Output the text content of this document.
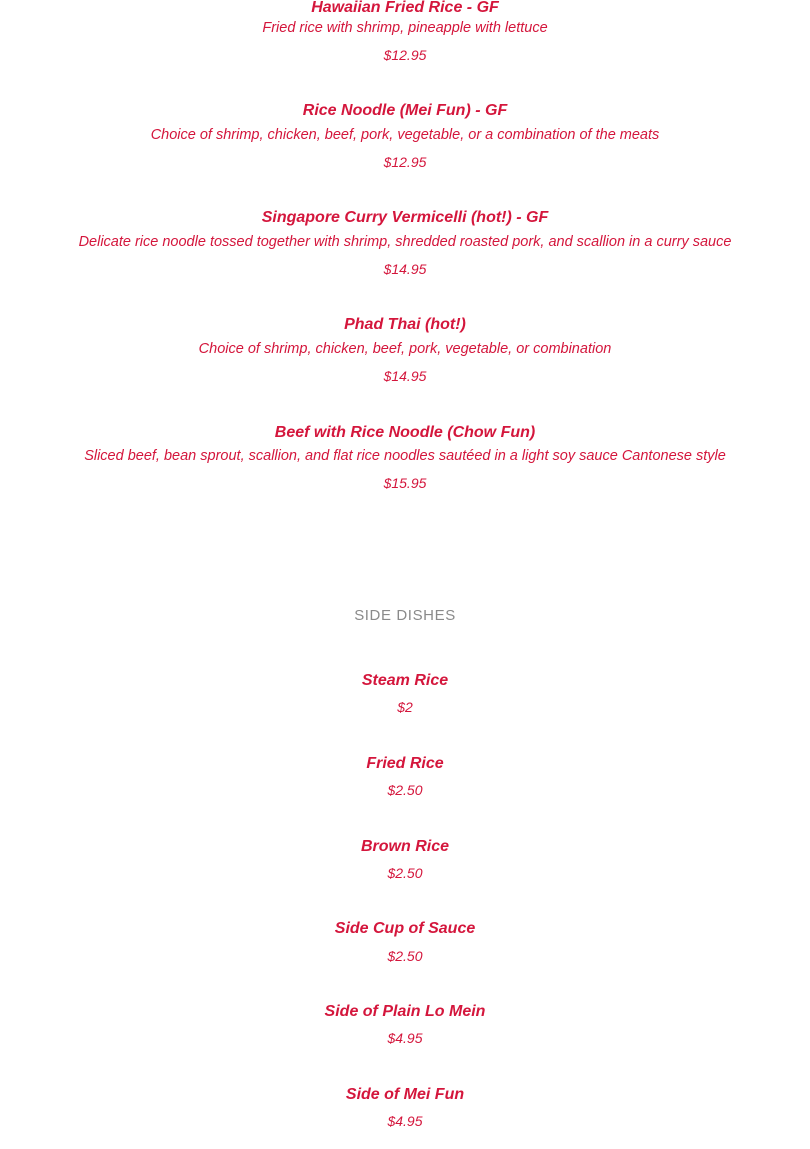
Hawaiian Fried Rice - GF
Fried rice with shrimp, pineapple with lettuce
$12.95
Rice Noodle (Mei Fun) - GF
Choice of shrimp, chicken, beef, pork, vegetable, or a combination of the meats
$12.95
Singapore Curry Vermicelli (hot!) - GF
Delicate rice noodle tossed together with shrimp, shredded roasted pork, and scallion in a curry sauce
$14.95
Phad Thai (hot!)
Choice of shrimp, chicken, beef, pork, vegetable, or combination
$14.95
Beef with Rice Noodle (Chow Fun)
Sliced beef, bean sprout, scallion, and flat rice noodles sautéed in a light soy sauce Cantonese style
$15.95
SIDE DISHES
Steam Rice
$2
Fried Rice
$2.50
Brown Rice
$2.50
Side Cup of Sauce
$2.50
Side of Plain Lo Mein
$4.95
Side of Mei Fun
$4.95
